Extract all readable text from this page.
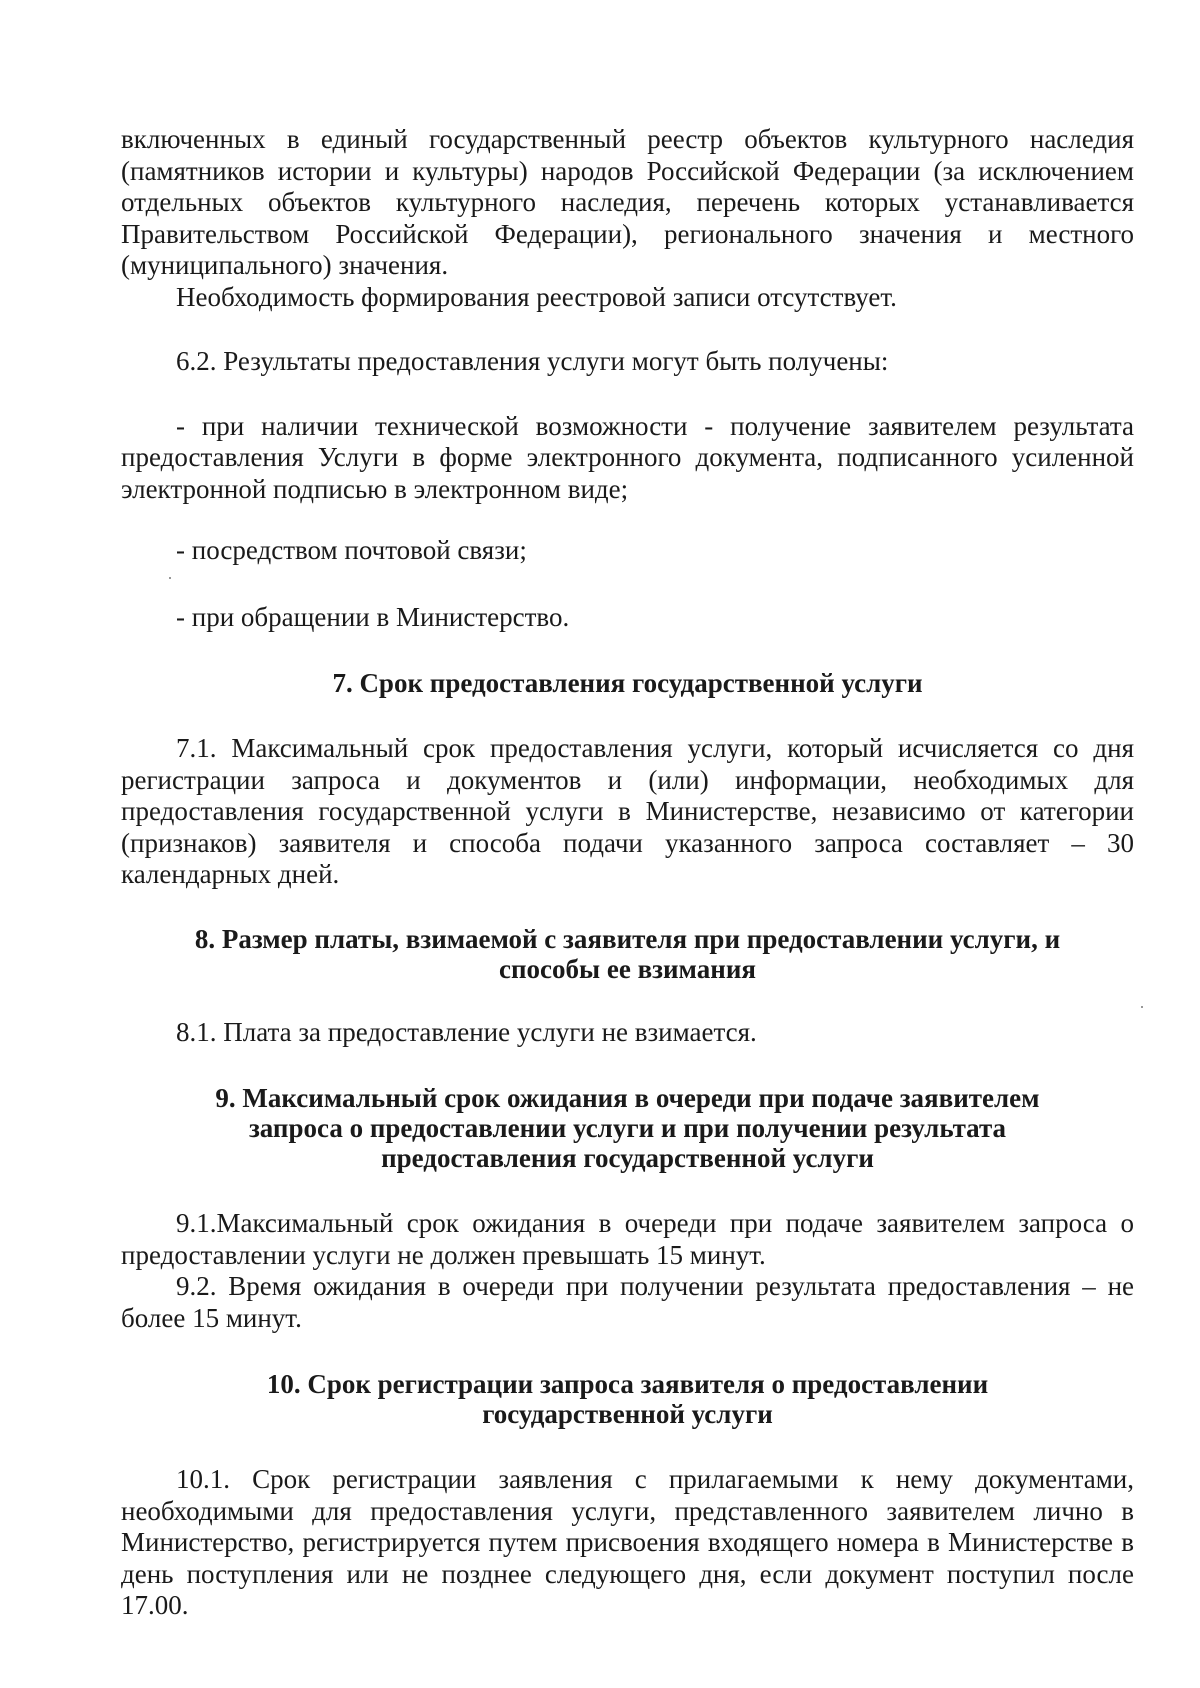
включенных в единый государственный реестр объектов культурного наследия (памятников истории и культуры) народов Российской Федерации (за исключением отдельных объектов культурного наследия, перечень которых устанавливается Правительством Российской Федерации), регионального значения и местного (муниципального) значения.

Необходимость формирования реестровой записи отсутствует.

6.2. Результаты предоставления услуги могут быть получены:

- при наличии технической возможности - получение заявителем результата предоставления Услуги в форме электронного документа, подписанного усиленной электронной подписью в электронном виде;

- посредством почтовой связи;

- при обращении в Министерство.

7. Срок предоставления государственной услуги

7.1. Максимальный срок предоставления услуги, который исчисляется со дня регистрации запроса и документов и (или) информации, необходимых для предоставления государственной услуги в Министерстве, независимо от категории (признаков) заявителя и способа подачи указанного запроса составляет – 30 календарных дней.

8. Размер платы, взимаемой с заявителя при предоставлении услуги, и

способы ее взимания

8.1. Плата за предоставление услуги не взимается.

9. Максимальный срок ожидания в очереди при подаче заявителем

запроса о предоставлении услуги и при получении результата

предоставления государственной услуги

9.1.Максимальный срок ожидания в очереди при подаче заявителем запроса о предоставлении услуги не должен превышать 15 минут.

9.2. Время ожидания в очереди при получении результата предоставления – не более 15 минут.

10. Срок регистрации запроса заявителя о предоставлении

государственной услуги

10.1. Срок регистрации заявления с прилагаемыми к нему документами, необходимыми для предоставления услуги, представленного заявителем лично в Министерство, регистрируется путем присвоения входящего номера в Министерстве в день поступления или не позднее следующего дня, если документ поступил после 17.00.
